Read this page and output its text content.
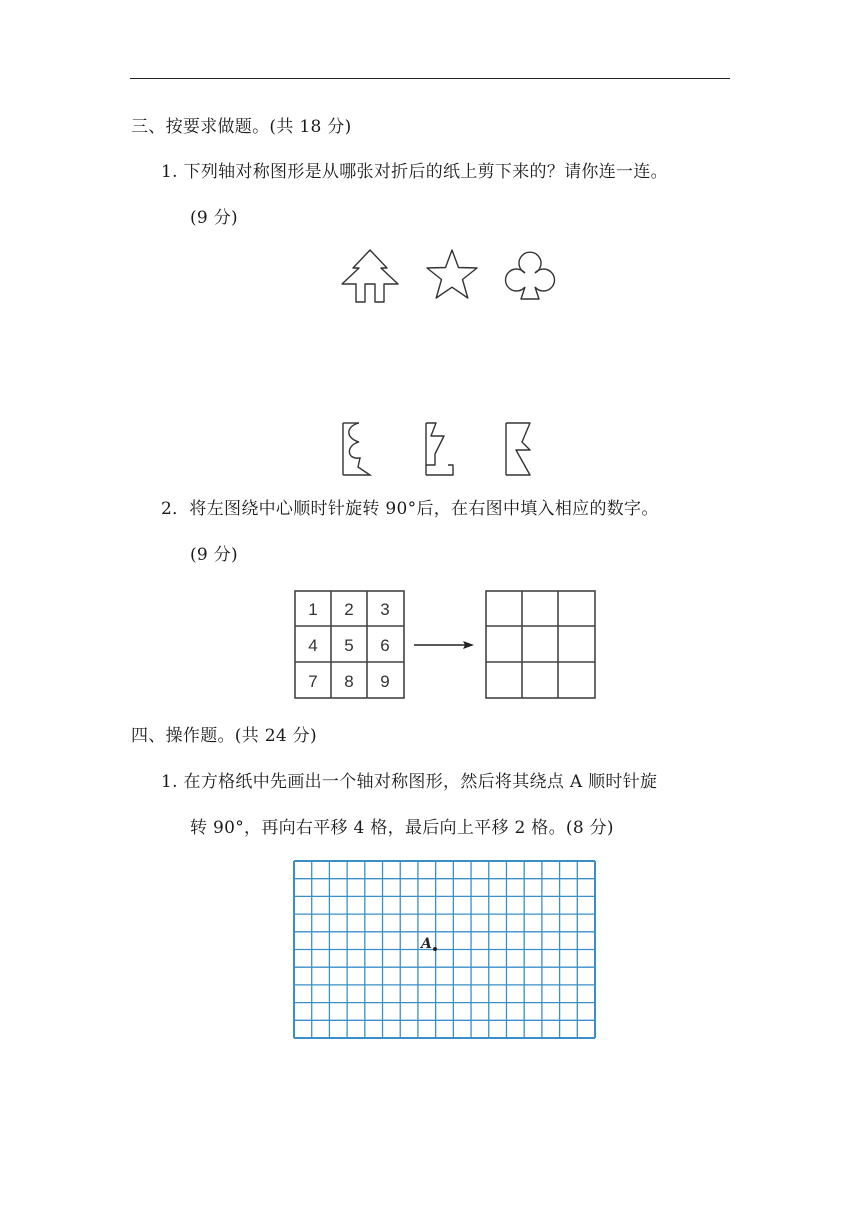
三、按要求做题。(共 18 分)
1. 下列轴对称图形是从哪张对折后的纸上剪下来的？请你连一连。
(9 分)
2．将左图绕中心顺时针旋转 90°后，在右图中填入相应的数字。
(9 分)
1 2 3
4 5 6
7 8 9
四、操作题。(共 24 分)
1. 在方格纸中先画出一个轴对称图形，然后将其绕点 A 顺时针旋
转 90°，再向右平移 4 格，最后向上平移 2 格。(8 分)
A
